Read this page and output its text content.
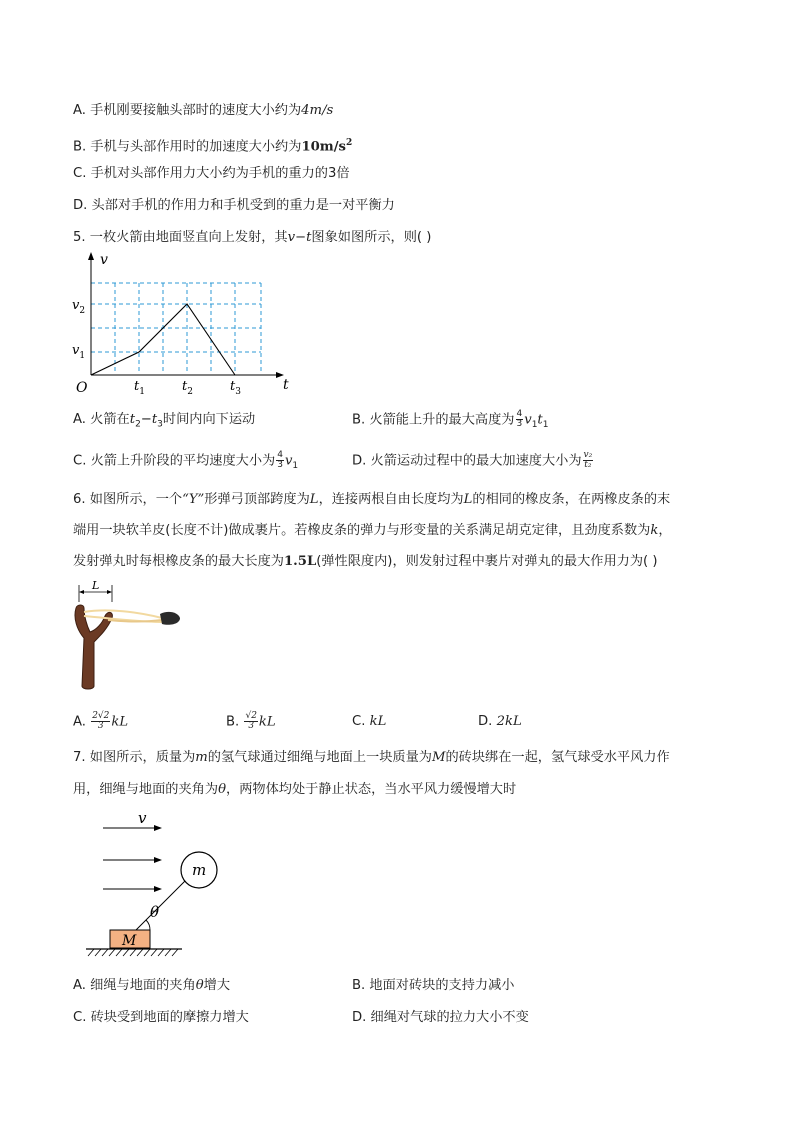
A. 手机刚要接触头部时的速度大小约为4m/s
B. 手机与头部作用时的加速度大小约为$10m/s^2$
C. 手机对头部作用力大小约为手机的重力的3倍
D. 头部对手机的作用力和手机受到的重力是一对平衡力
5. 一枚火箭由地面竖直向上发射，其v−t图象如图所示，则( )
v
t
O
$v_2$
$v_1$
$t_1$	$t_2$	$t_3$
A. 火箭在$t_2-t_3$时间内向下运动	B. 火箭能上升的最大高度为 $\frac{4}{3} v_1t_1$
C. 火箭上升阶段的平均速度大小为 $\frac{4}{3} v_1$	D. 火箭运动过程中的最大加速度大小为 $\frac{\text{v₂}}{\text{t₂}}$
6. 如图所示，一个“Y”形弹弓顶部跨度为L，连接两根自由长度均为L的相同的橡皮条，在两橡皮条的末
端用一块软羊皮(长度不计)做成裹片。若橡皮条的弹力与形变量的关系满足胡克定律，且劲度系数为k，
发射弹丸时每根橡皮条的最大长度为1.5L(弹性限度内)，则发射过程中裹片对弹丸的最大作用力为( )
L
A. $\frac{2√2}{3}$ kL	B. $\frac{√2}{3}$ kL	C. kL	D. 2kL
7. 如图所示，质量为m的氢气球通过细绳与地面上一块质量为M的砖块绑在一起，氢气球受水平风力作
用，细绳与地面的夹角为θ，两物体均处于静止状态，当水平风力缓慢增大时
v
m
θ
M
A. 细绳与地面的夹角θ增大	B. 地面对砖块的支持力减小
C. 砖块受到地面的摩擦力增大	D. 细绳对气球的拉力大小不变
